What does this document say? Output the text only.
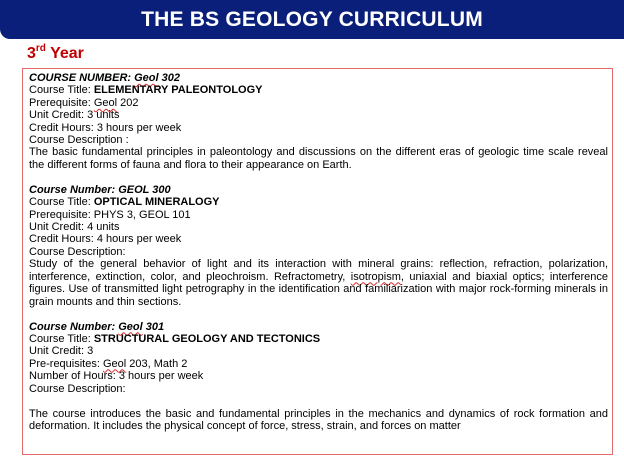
THE BS GEOLOGY CURRICULUM
3rd Year
COURSE NUMBER: Geol 302
Course Title: ELEMENTARY PALEONTOLOGY
Prerequisite: Geol 202
Unit Credit: 3 units
Credit Hours: 3 hours per week
Course Description :
The basic fundamental principles in paleontology and discussions on the different eras of geologic time scale reveal the different forms of fauna and flora to their appearance on Earth.
Course Number: GEOL 300
Course Title: OPTICAL MINERALOGY
Prerequisite: PHYS 3, GEOL 101
Unit Credit: 4 units
Credit Hours: 4 hours per week
Course Description:
Study of the general behavior of light and its interaction with mineral grains: reflection, refraction, polarization, interference, extinction, color, and pleochroism. Refractometry, isotropism, uniaxial and biaxial optics; interference figures. Use of transmitted light petrography in the identification and familiarization with major rock-forming minerals in grain mounts and thin sections.
Course Number: Geol 301
Course Title: STRUCTURAL GEOLOGY AND TECTONICS
Unit Credit: 3
Pre-requisites: Geol 203, Math 2
Number of Hours: 3 hours per week
Course Description:
The course introduces the basic and fundamental principles in the mechanics and dynamics of rock formation and deformation. It includes the physical concept of force, stress, strain, and forces on matter
